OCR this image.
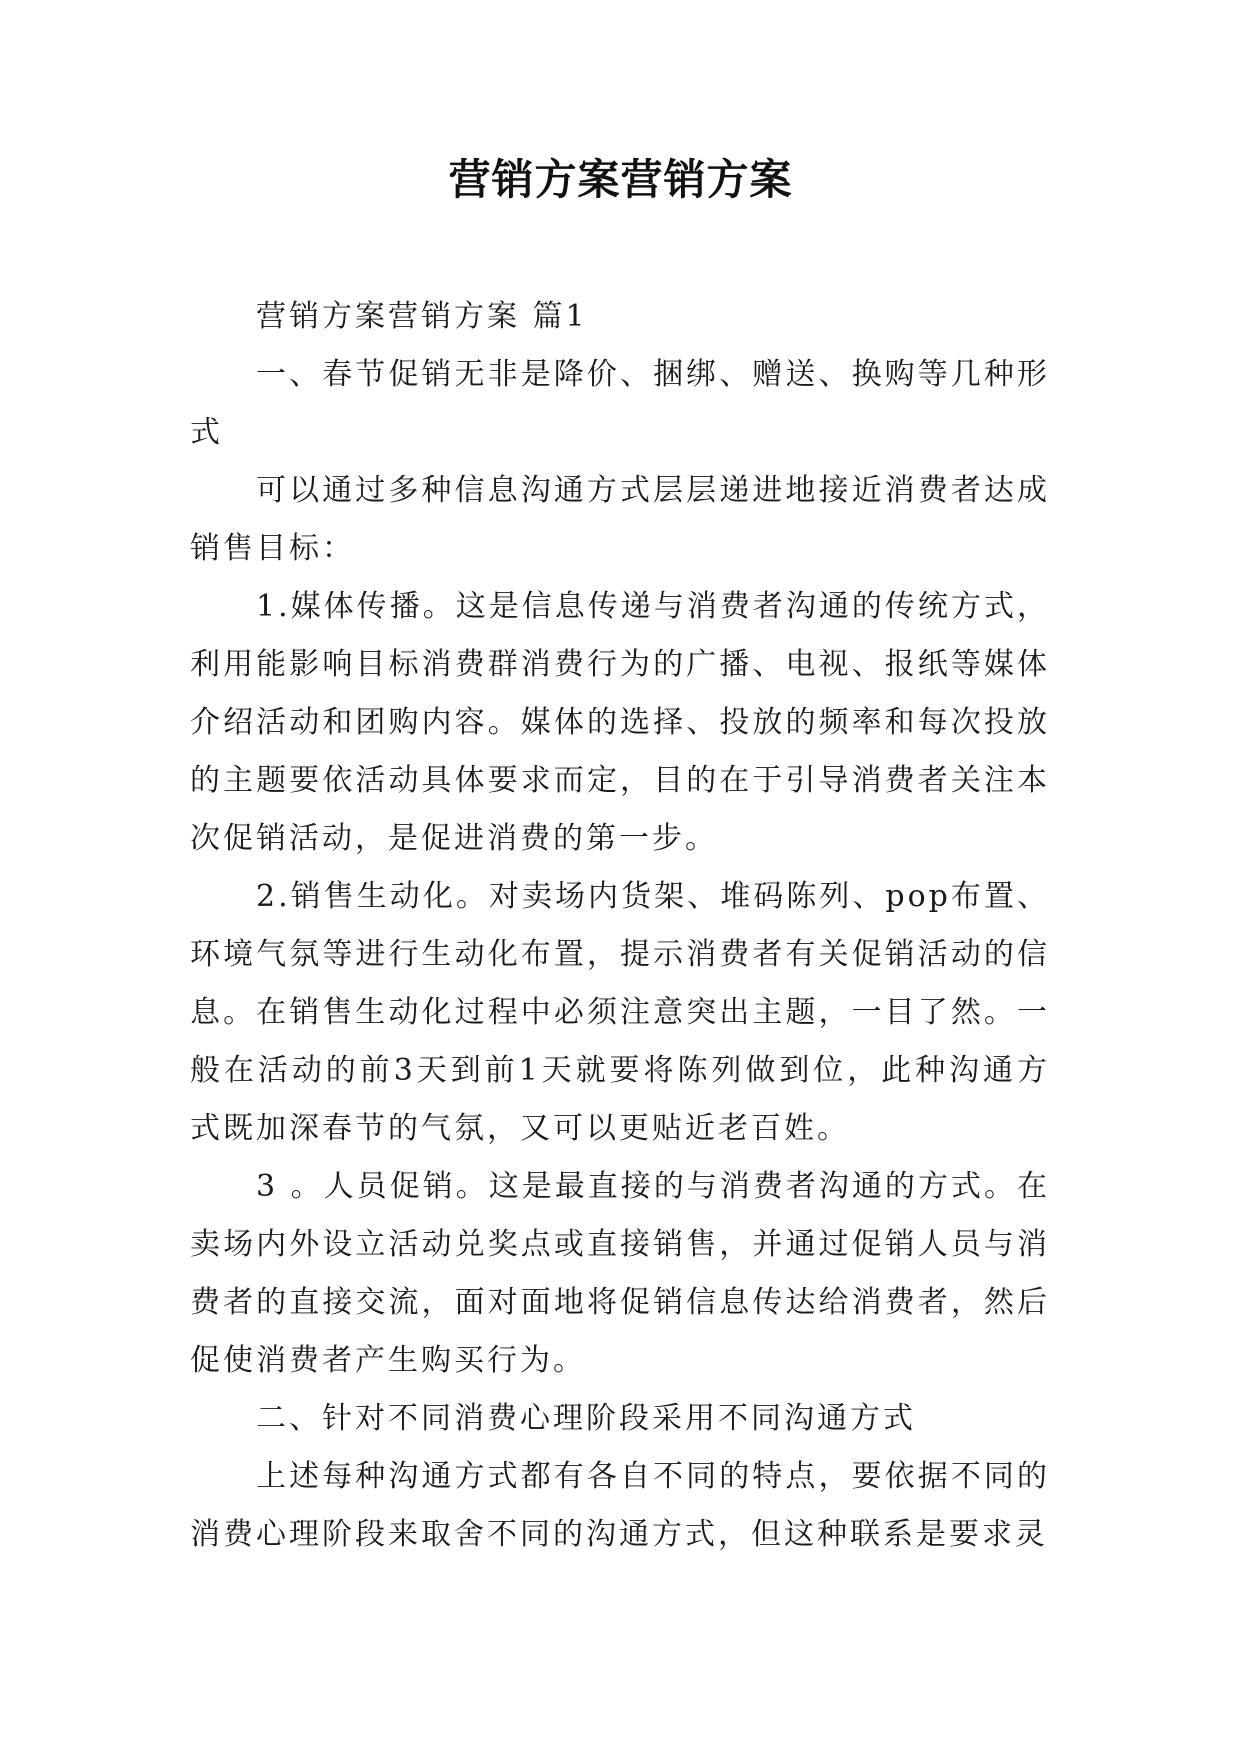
营销方案营销方案

营销方案营销方案 篇1

一、春节促销无非是降价、捆绑、赠送、换购等几种形式

可以通过多种信息沟通方式层层递进地接近消费者达成销售目标：

1.媒体传播。这是信息传递与消费者沟通的传统方式，利用能影响目标消费群消费行为的广播、电视、报纸等媒体介绍活动和团购内容。媒体的选择、投放的频率和每次投放的主题要依活动具体要求而定，目的在于引导消费者关注本次促销活动，是促进消费的第一步。

2.销售生动化。对卖场内货架、堆码陈列、pop布置、环境气氛等进行生动化布置，提示消费者有关促销活动的信息。在销售生动化过程中必须注意突出主题，一目了然。一般在活动的前3天到前1天就要将陈列做到位，此种沟通方式既加深春节的气氛，又可以更贴近老百姓。

3 。人员促销。这是最直接的与消费者沟通的方式。在卖场内外设立活动兑奖点或直接销售，并通过促销人员与消费者的直接交流，面对面地将促销信息传达给消费者，然后促使消费者产生购买行为。

二、针对不同消费心理阶段采用不同沟通方式

上述每种沟通方式都有各自不同的特点，要依据不同的消费心理阶段来取舍不同的沟通方式，但这种联系是要求灵
